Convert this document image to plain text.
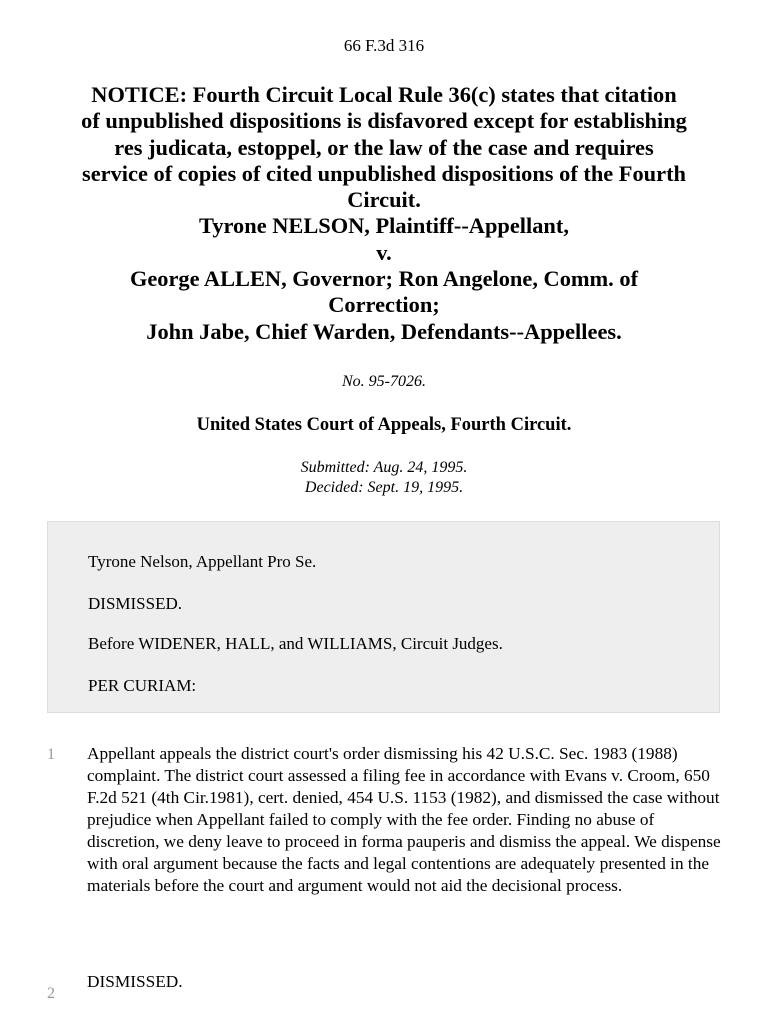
66 F.3d 316
NOTICE: Fourth Circuit Local Rule 36(c) states that citation
of unpublished dispositions is disfavored except for establishing
res judicata, estoppel, or the law of the case and requires
service of copies of cited unpublished dispositions of the Fourth
Circuit.
Tyrone NELSON, Plaintiff--Appellant,
v.
George ALLEN, Governor; Ron Angelone, Comm. of
Correction;
John Jabe, Chief Warden, Defendants--Appellees.
No. 95-7026.
United States Court of Appeals, Fourth Circuit.
Submitted: Aug. 24, 1995.
Decided: Sept. 19, 1995.
Tyrone Nelson, Appellant Pro Se.
DISMISSED.
Before WIDENER, HALL, and WILLIAMS, Circuit Judges.
PER CURIAM:
1 Appellant appeals the district court's order dismissing his 42 U.S.C. Sec. 1983 (1988) complaint. The district court assessed a filing fee in accordance with Evans v. Croom, 650 F.2d 521 (4th Cir.1981), cert. denied, 454 U.S. 1153 (1982), and dismissed the case without prejudice when Appellant failed to comply with the fee order. Finding no abuse of discretion, we deny leave to proceed in forma pauperis and dismiss the appeal. We dispense with oral argument because the facts and legal contentions are adequately presented in the materials before the court and argument would not aid the decisional process.
2
DISMISSED.
